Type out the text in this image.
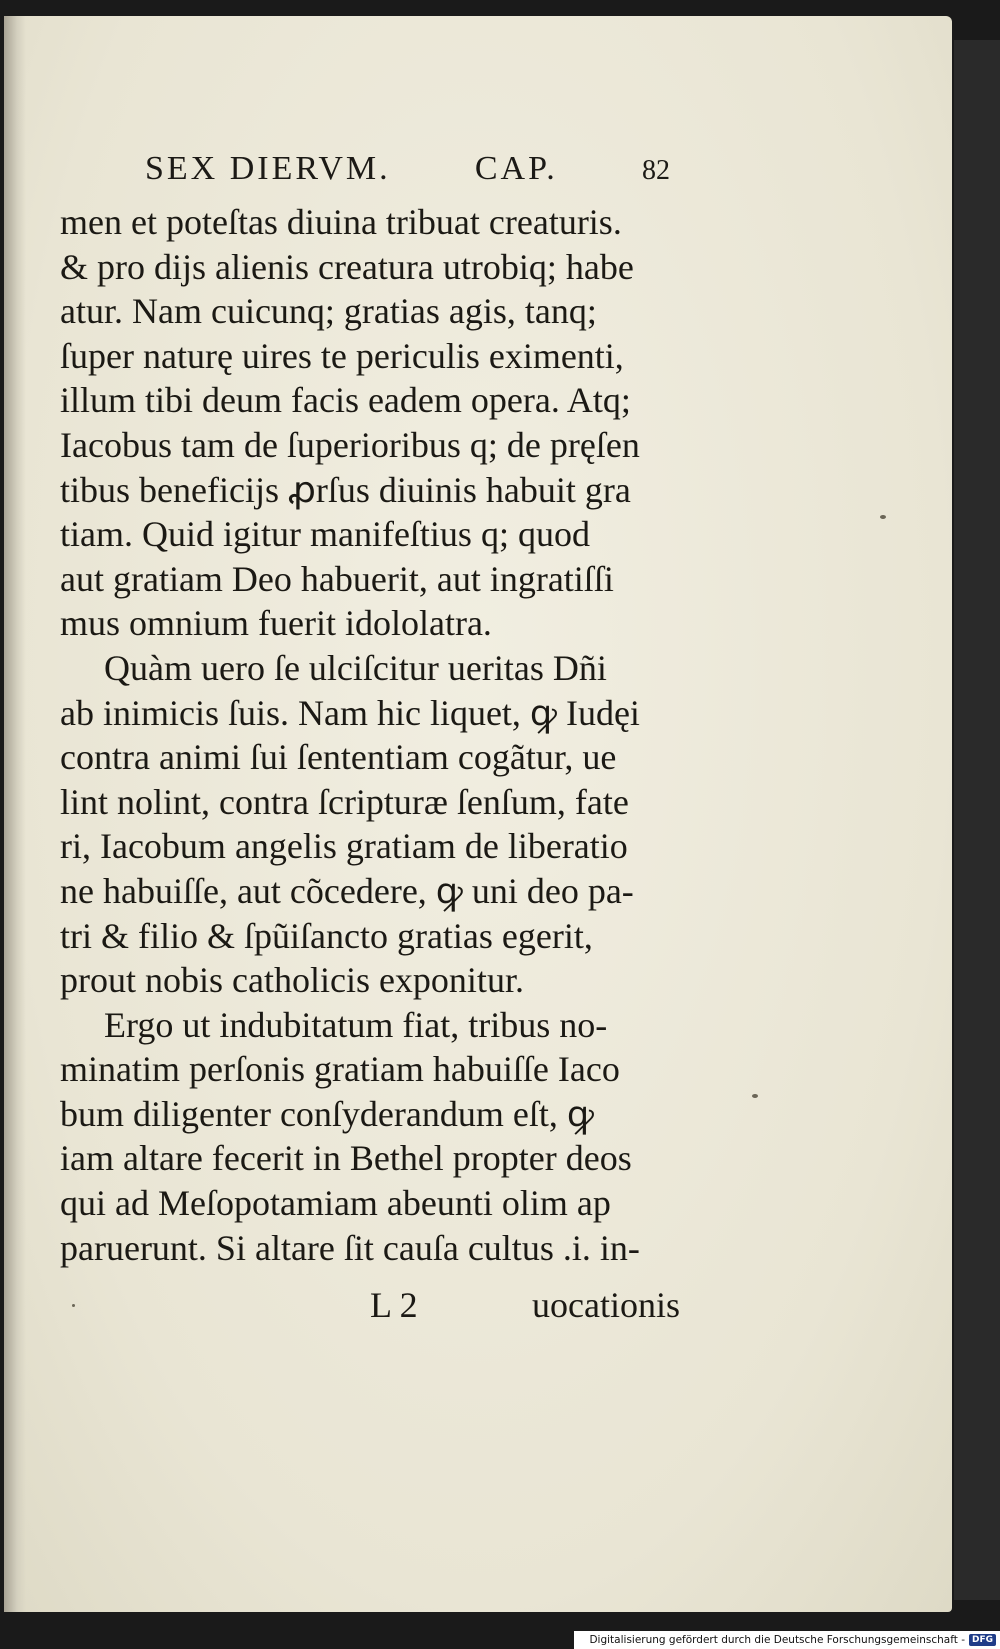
SEX DIERVM. CAP.	82
men et poteſtas diuina tribuat creaturis.
& pro dijs alienis creatura utrobiq; habe
atur. Nam cuicunq; gratias agis, tanq;
ſuper naturę uires te periculis eximenti,
illum tibi deum facis eadem opera. Atq;
Iacobus tam de ſuperioribus q; de pręſen
tibus beneficijs ꝓrſus diuinis habuit gra
tiam. Quid igitur manifeſtius q; quod
aut gratiam Deo habuerit, aut ingratiſſi
mus omnium fuerit idololatra.
Quàm uero ſe ulciſcitur ueritas Dñi
ab inimicis ſuis. Nam hic liquet, ꝙ Iudęi
contra animi ſui ſententiam cogãtur, ue
lint nolint, contra ſcripturæ ſenſum, fate
ri, Iacobum angelis gratiam de liberatio
ne habuiſſe, aut cõcedere, ꝙ uni deo pa-
tri & filio & ſpũiſancto gratias egerit,
prout nobis catholicis exponitur.
Ergo ut indubitatum fiat, tribus no-
minatim perſonis gratiam habuiſſe Iaco
bum diligenter conſyderandum eſt, ꝙ
iam altare fecerit in Bethel propter deos
qui ad Meſopotamiam abeunti olim ap
paruerunt. Si altare ſit cauſa cultus .i. in-
L 2	uocationis
Digitalisierung gefördert durch die Deutsche Forschungsgemeinschaft - DFG
